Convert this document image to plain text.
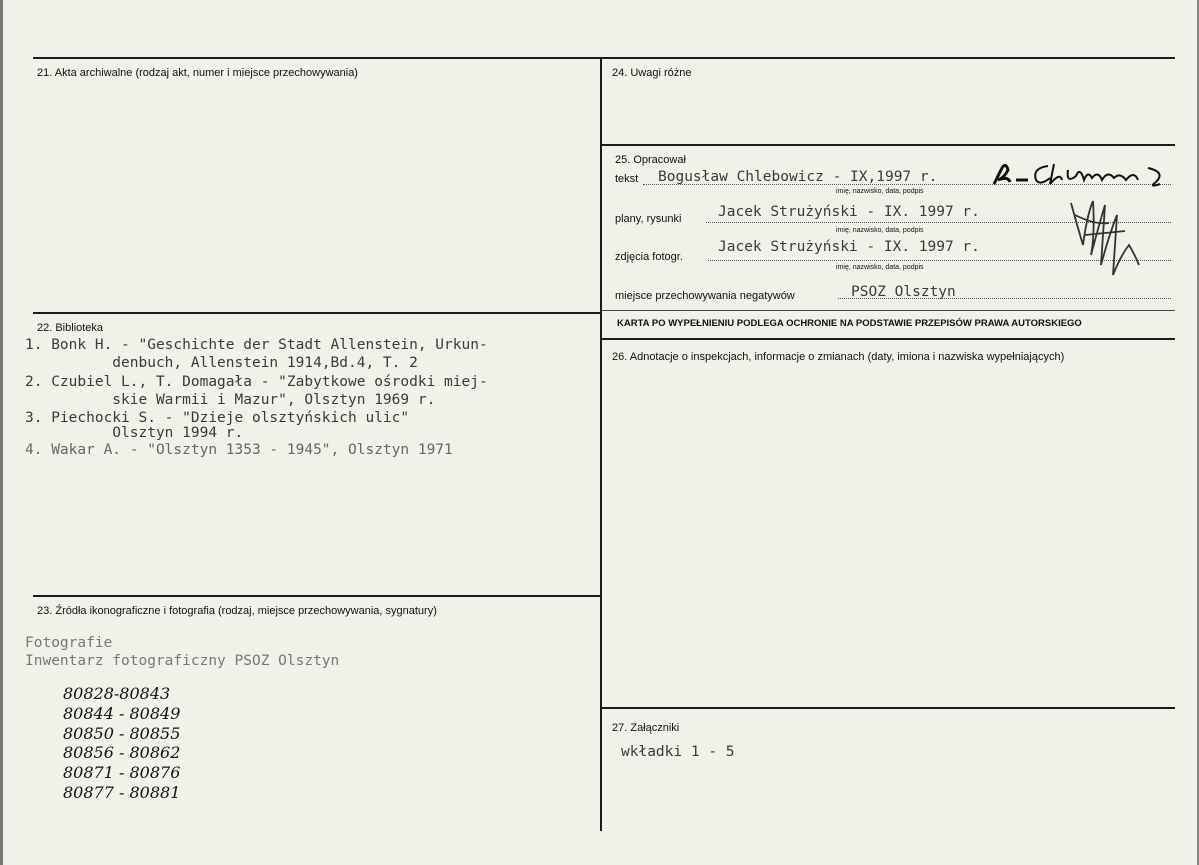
21. Akta archiwalne (rodzaj akt, numer i miejsce przechowywania)
22. Biblioteka
1. Bonk H. - "Geschichte der Stadt Allenstein, Urkun-
denbuch, Allenstein 1914,Bd.4, T. 2
2. Czubiel L., T. Domagała - "Zabytkowe ośrodki miej-
skie Warmii i Mazur", Olsztyn 1969 r.
3. Piechocki S. - "Dzieje olsztyńskich ulic"
Olsztyn 1994 r.
4. Wakar A. - "Olsztyn 1353 - 1945", Olsztyn 1971
23. Źródła ikonograficzne i fotografia (rodzaj, miejsce przechowywania, sygnatury)
Fotografie
Inwentarz fotograficzny PSOZ Olsztyn
80828-80843
80844 - 80849
80850 - 80855
80856 - 80862
80871 - 80876
80877 - 80881
24. Uwagi różne
25. Opracował
tekst Bogusław Chlebowicz - IX,1997 r.
imię, nazwisko, data, podpis
plany, rysunki	Jacek Strużyński - IX. 1997 r.
imię, nazwisko, data, podpis
zdjęcia fotogr.
Jacek Strużyński - IX. 1997 r.
imię, nazwisko, data, podpis
miejsce przechowywania negatywów	PSOZ Olsztyn
KARTA PO WYPEŁNIENIU PODLEGA OCHRONIE NA PODSTAWIE PRZEPISÓW PRAWA AUTORSKIEGO
26. Adnotacje o inspekcjach, informacje o zmianach (daty, imiona i nazwiska wypełniających)
27. Załączniki
wkładki 1 - 5
